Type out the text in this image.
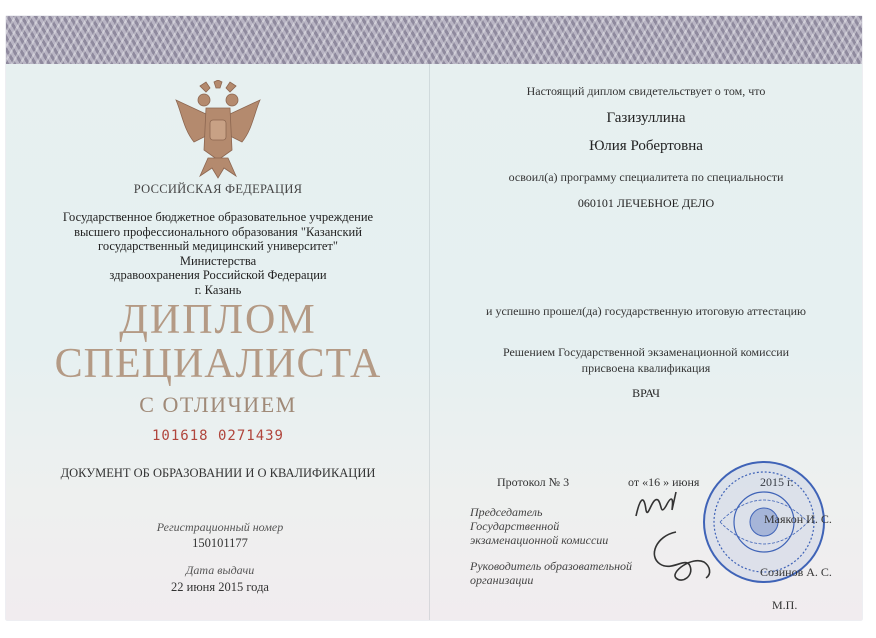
РОССИЙСКАЯ ФЕДЕРАЦИЯ
Государственное бюджетное образовательное учреждение
высшего профессионального образования "Казанский
государственный медицинский университет" Министерства
здравоохранения Российской Федерации
г. Казань
ДИПЛОМ
СПЕЦИАЛИСТА
С ОТЛИЧИЕМ
101618 0271439
ДОКУМЕНТ ОБ ОБРАЗОВАНИИ И О КВАЛИФИКАЦИИ
Регистрационный номер
150101177
Дата выдачи
22 июня 2015 года
Настоящий диплом свидетельствует о том, что
Газизуллина
Юлия Робертовна
освоил(а) программу специалитета по специальности
060101 ЛЕЧЕБНОЕ ДЕЛО
и успешно прошел(да) государственную итоговую аттестацию
Решением Государственной экзаменационной комиссии
присвоена квалификация
ВРАЧ
Протокол № 3	от «16 » июня
Председатель
Государственной
экзаменационной комиссии
Руководитель образовательной
организации
Маякон И. С.
Созинов А. С.
М.П.
